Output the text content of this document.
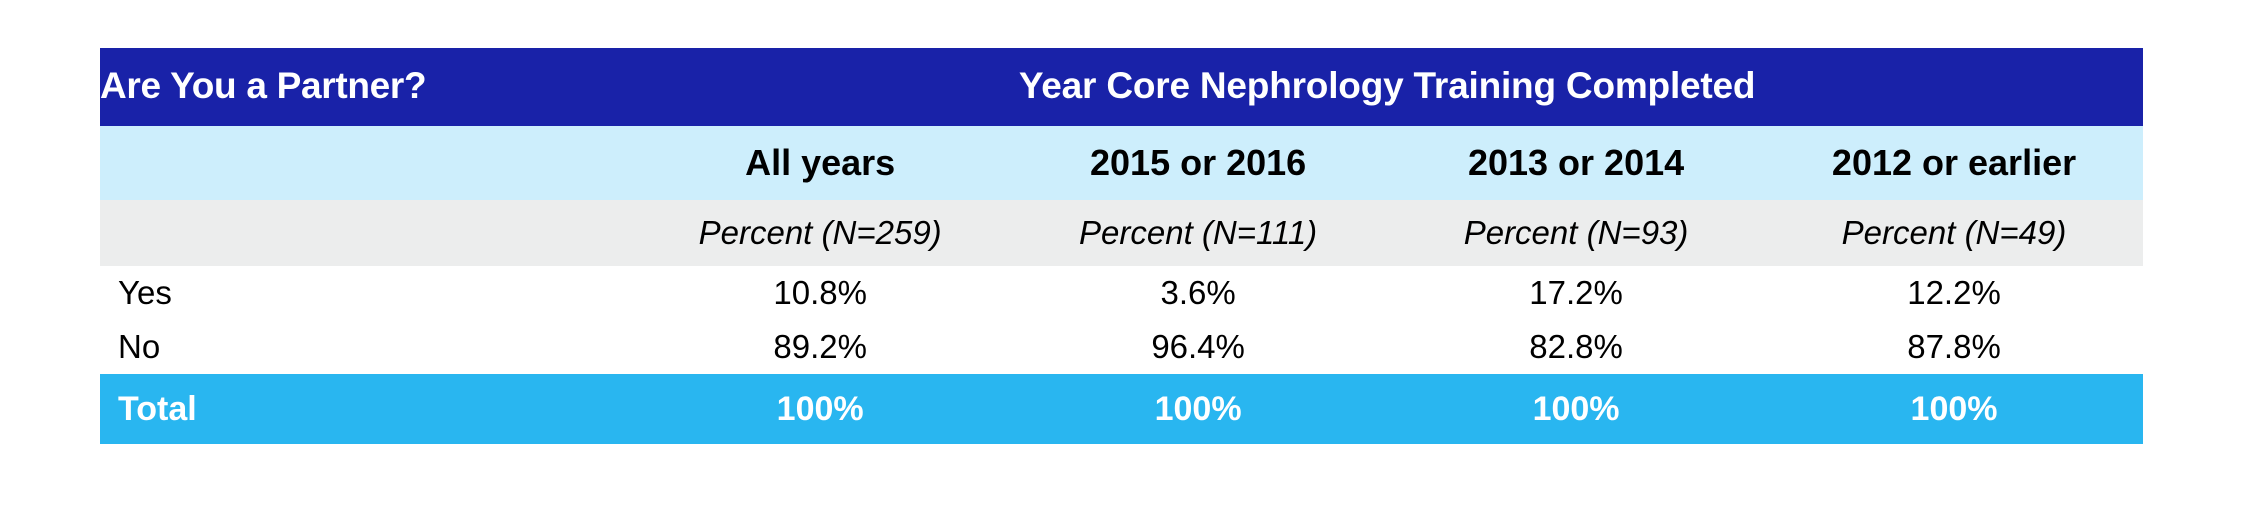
Are You a Partner?	Year Core Nephrology Training Completed			
	All years	2015 or 2016	2013 or 2014	2012 or earlier
	Percent (N=259)	Percent (N=111)	Percent (N=93)	Percent (N=49)
Yes	10.8%	3.6%	17.2%	12.2%
No	89.2%	96.4%	82.8%	87.8%
Total	100%	100%	100%	100%
